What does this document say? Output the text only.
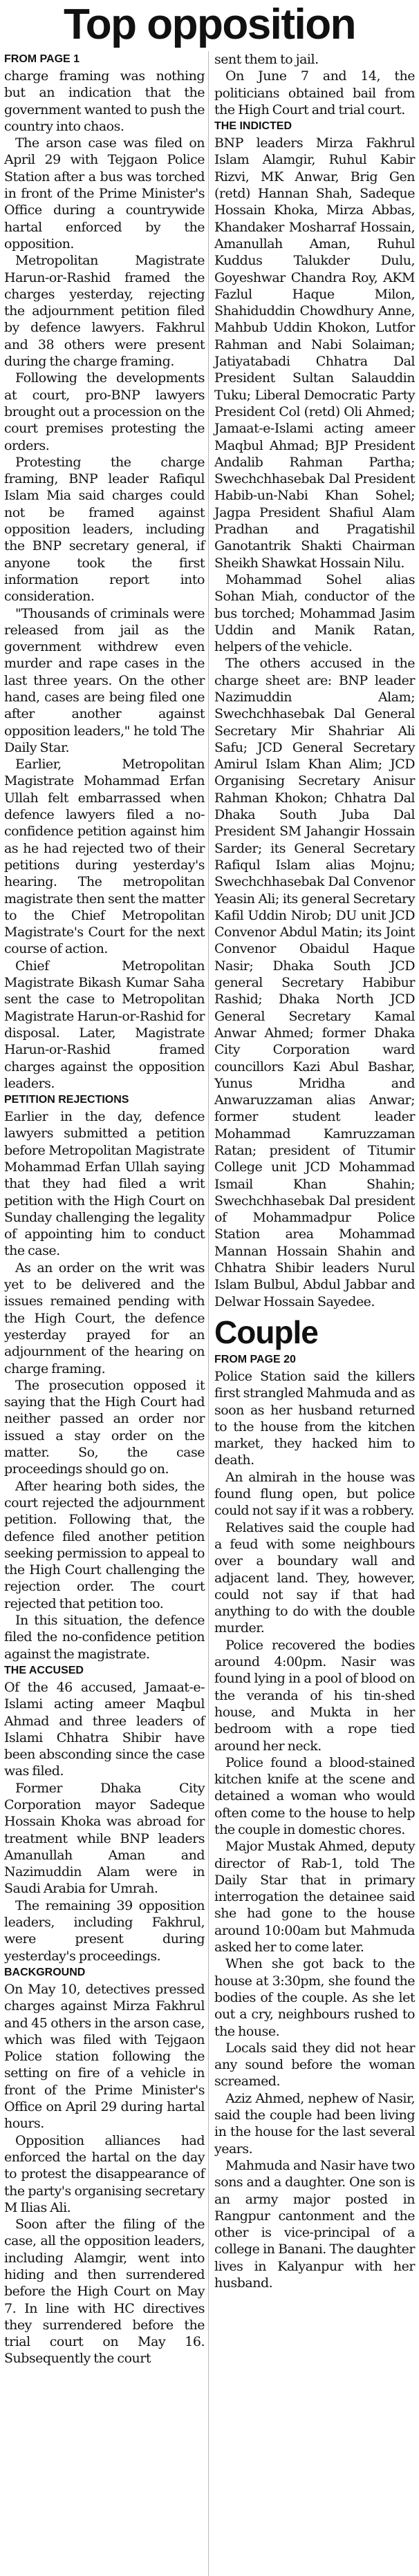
Top opposition
FROM PAGE 1

charge framing was nothing but an indication that the government wanted to push the country into chaos.

The arson case was filed on April 29 with Tejgaon Police Station after a bus was torched in front of the Prime Minister's Office during a countrywide hartal enforced by the opposition.

Metropolitan Magistrate Harun-or-Rashid framed the charges yesterday, rejecting the adjournment petition filed by defence lawyers. Fakhrul and 38 others were present during the charge framing.

Following the developments at court, pro-BNP lawyers brought out a procession on the court premises protesting the orders.

Protesting the charge framing, BNP leader Rafiqul Islam Mia said charges could not be framed against opposition leaders, including the BNP secretary general, if anyone took the first information report into consideration.

"Thousands of criminals were released from jail as the government withdrew even murder and rape cases in the last three years. On the other hand, cases are being filed one after another against opposition leaders," he told The Daily Star.

Earlier, Metropolitan Magistrate Mohammad Erfan Ullah felt embarrassed when defence lawyers filed a no-confidence petition against him as he had rejected two of their petitions during yesterday's hearing. The metropolitan magistrate then sent the matter to the Chief Metropolitan Magistrate's Court for the next course of action.

Chief Metropolitan Magistrate Bikash Kumar Saha sent the case to Metropolitan Magistrate Harun-or-Rashid for disposal. Later, Magistrate Harun-or-Rashid framed charges against the opposition leaders.

PETITION REJECTIONS

Earlier in the day, defence lawyers submitted a petition before Metropolitan Magistrate Mohammad Erfan Ullah saying that they had filed a writ petition with the High Court on Sunday challenging the legality of appointing him to conduct the case.

As an order on the writ was yet to be delivered and the issues remained pending with the High Court, the defence yesterday prayed for an adjournment of the hearing on charge framing.

The prosecution opposed it saying that the High Court had neither passed an order nor issued a stay order on the matter. So, the case proceedings should go on.

After hearing both sides, the court rejected the adjournment petition. Following that, the defence filed another petition seeking permission to appeal to the High Court challenging the rejection order. The court rejected that petition too.

In this situation, the defence filed the no-confidence petition against the magistrate.

THE ACCUSED

Of the 46 accused, Jamaat-e-Islami acting ameer Maqbul Ahmad and three leaders of Islami Chhatra Shibir have been absconding since the case was filed.

Former Dhaka City Corporation mayor Sadeque Hossain Khoka was abroad for treatment while BNP leaders Amanullah Aman and Nazimuddin Alam were in Saudi Arabia for Umrah.

The remaining 39 opposition leaders, including Fakhrul, were present during yesterday's proceedings.

BACKGROUND

On May 10, detectives pressed charges against Mirza Fakhrul and 45 others in the arson case, which was filed with Tejgaon Police station following the setting on fire of a vehicle in front of the Prime Minister's Office on April 29 during hartal hours.

Opposition alliances had enforced the hartal on the day to protest the disappearance of the party's organising secretary M Ilias Ali.

Soon after the filing of the case, all the opposition leaders, including Alamgir, went into hiding and then surrendered before the High Court on May 7. In line with HC directives they surrendered before the trial court on May 16. Subsequently the court

sent them to jail.

On June 7 and 14, the politicians obtained bail from the High Court and trial court.

THE INDICTED

BNP leaders Mirza Fakhrul Islam Alamgir, Ruhul Kabir Rizvi, MK Anwar, Brig Gen (retd) Hannan Shah, Sadeque Hossain Khoka, Mirza Abbas, Khandaker Mosharraf Hossain, Amanullah Aman, Ruhul Kuddus Talukder Dulu, Goyeshwar Chandra Roy, AKM Fazlul Haque Milon, Shahiduddin Chowdhury Anne, Mahbub Uddin Khokon, Lutfor Rahman and Nabi Solaiman; Jatiyatabadi Chhatra Dal President Sultan Salauddin Tuku; Liberal Democratic Party President Col (retd) Oli Ahmed; Jamaat-e-Islami acting ameer Maqbul Ahmad; BJP President Andalib Rahman Partha; Swechchhasebak Dal President Habib-un-Nabi Khan Sohel; Jagpa President Shafiul Alam Pradhan and Pragatishil Ganotantrik Shakti Chairman Sheikh Shawkat Hossain Nilu.

Mohammad Sohel alias Sohan Miah, conductor of the bus torched; Mohammad Jasim Uddin and Manik Ratan, helpers of the vehicle.

The others accused in the charge sheet are: BNP leader Nazimuddin Alam; Swechchhasebak Dal General Secretary Mir Shahriar Ali Safu; JCD General Secretary Amirul Islam Khan Alim; JCD Organising Secretary Anisur Rahman Khokon; Chhatra Dal Dhaka South Juba Dal President SM Jahangir Hossain Sarder; its General Secretary Rafiqul Islam alias Mojnu; Swechchhasebak Dal Convenor Yeasin Ali; its general Secretary Kafil Uddin Nirob; DU unit JCD Convenor Abdul Matin; its Joint Convenor Obaidul Haque Nasir; Dhaka South JCD general Secretary Habibur Rashid; Dhaka North JCD General Secretary Kamal Anwar Ahmed; former Dhaka City Corporation ward councillors Kazi Abul Bashar, Yunus Mridha and Anwaruzzaman alias Anwar; former student leader Mohammad Kamruzzaman Ratan; president of Titumir College unit JCD Mohammad Ismail Khan Shahin; Swechchhasebak Dal president of Mohammadpur Police Station area Mohammad Mannan Hossain Shahin and Chhatra Shibir leaders Nurul Islam Bulbul, Abdul Jabbar and Delwar Hossain Sayedee.

Couple
FROM PAGE 20

Police Station said the killers first strangled Mahmuda and as soon as her husband returned to the house from the kitchen market, they hacked him to death.

An almirah in the house was found flung open, but police could not say if it was a robbery.

Relatives said the couple had a feud with some neighbours over a boundary wall and adjacent land. They, however, could not say if that had anything to do with the double murder.

Police recovered the bodies around 4:00pm. Nasir was found lying in a pool of blood on the veranda of his tin-shed house, and Mukta in her bedroom with a rope tied around her neck.

Police found a blood-stained kitchen knife at the scene and detained a woman who would often come to the house to help the couple in domestic chores.

Major Mustak Ahmed, deputy director of Rab-1, told The Daily Star that in primary interrogation the detainee said she had gone to the house around 10:00am but Mahmuda asked her to come later.

When she got back to the house at 3:30pm, she found the bodies of the couple. As she let out a cry, neighbours rushed to the house.

Locals said they did not hear any sound before the woman screamed.

Aziz Ahmed, nephew of Nasir, said the couple had been living in the house for the last several years.

Mahmuda and Nasir have two sons and a daughter. One son is an army major posted in Rangpur cantonment and the other is vice-principal of a college in Banani. The daughter lives in Kalyanpur with her husband.
